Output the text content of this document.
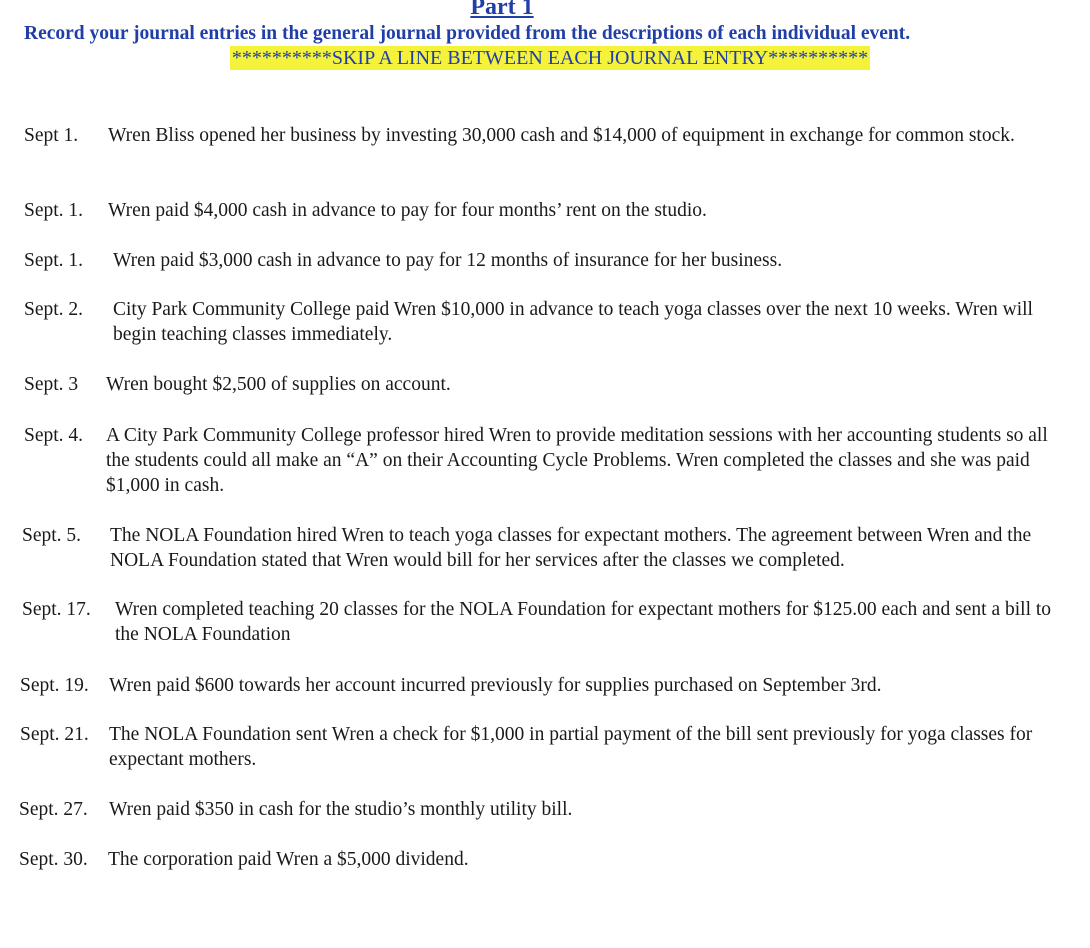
Part 1
Record your journal entries in the general journal provided from the descriptions of each individual event.
**********SKIP A LINE BETWEEN EACH JOURNAL ENTRY**********
Sept 1. Wren Bliss opened her business by investing 30,000 cash and $14,000 of equipment in exchange for common stock.
Sept. 1. Wren paid $4,000 cash in advance to pay for four months’ rent on the studio.
Sept. 1. Wren paid $3,000 cash in advance to pay for 12 months of insurance for her business.
Sept. 2. City Park Community College paid Wren $10,000 in advance to teach yoga classes over the next 10 weeks. Wren will begin teaching classes immediately.
Sept. 3 Wren bought $2,500 of supplies on account.
Sept. 4. A City Park Community College professor hired Wren to provide meditation sessions with her accounting students so all the students could all make an “A” on their Accounting Cycle Problems. Wren completed the classes and she was paid $1,000 in cash.
Sept. 5. The NOLA Foundation hired Wren to teach yoga classes for expectant mothers. The agreement between Wren and the NOLA Foundation stated that Wren would bill for her services after the classes we completed.
Sept. 17. Wren completed teaching 20 classes for the NOLA Foundation for expectant mothers for $125.00 each and sent a bill to the NOLA Foundation
Sept. 19. Wren paid $600 towards her account incurred previously for supplies purchased on September 3rd.
Sept. 21. The NOLA Foundation sent Wren a check for $1,000 in partial payment of the bill sent previously for yoga classes for expectant mothers.
Sept. 27. Wren paid $350 in cash for the studio’s monthly utility bill.
Sept. 30. The corporation paid Wren a $5,000 dividend.
